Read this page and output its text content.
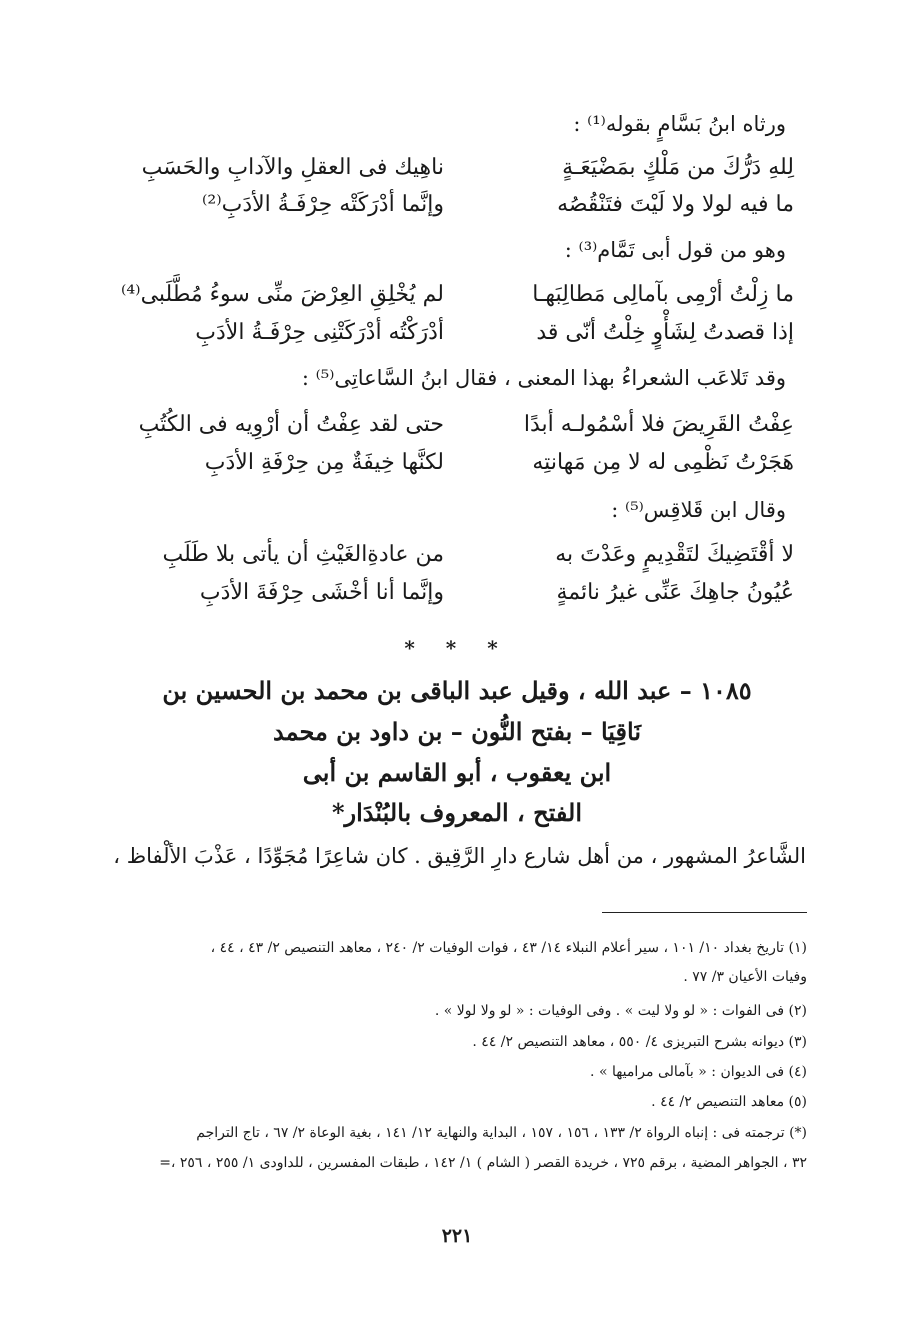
ورثاه ابنُ بَسَّامٍ بقوله⁽¹⁾ :
لِلهِ دَرُّكَ من مَلْكٍ بمَضْيَعَـةٍ
ناهِيك فى العقلِ والآدابِ والحَسَبِ
ما فيه لولا ولا لَيْتَ فتَنْقُصُه
وإنَّما أدْرَكَتْه حِرْفَـةُ الأدَبِ⁽²⁾
وهو من قول أبى تَمَّام⁽³⁾ :
ما زِلْتُ أرْمِى بآمالِى مَطالِبَهـا
لم يُخْلِقِ العِرْضَ منِّى سوءُ مُطَّلَبى⁽⁴⁾
إذا قصدتُ لِشَأْوٍ خِلْتُ أنّى قد
أدْرَكْتُه أدْرَكَتْنِى حِرْفَـةُ الأدَبِ
وقد تَلاعَب الشعراءُ بهذا المعنى ، فقال ابنُ السَّاعاتِى⁽⁵⁾ :
عِفْتُ القَرِيضَ فلا أسْمُولـه أبدًا
حتى لقد عِفْتُ أن أرْوِيه فى الكُتُبِ
هَجَرْتُ نَظْمِى له لا مِن مَهانتِه
لكنَّها خِيفَةٌ مِن حِرْفَةِ الأدَبِ
وقال ابن قَلاقِس⁽⁵⁾ :
لا أقْتَضِيكَ لتَقْدِيمٍ وعَدْتَ به
من عادةِالغَيْثِ أن يأتى بلا طَلَبِ
عُيُونُ جاهِكَ عَنِّى غيرُ نائمةٍ
وإنَّما أنا أخْشَى حِرْفَةَ الأدَبِ
* * *
١٠٨٥ – عبد الله ، وقيل عبد الباقى بن محمد بن الحسين بن
نَاقِيَا – بفتح النُّون – بن داود بن محمد
ابن يعقوب ، أبو القاسم بن أبى
الفتح ، المعروف بالبُنْدَار*
الشَّاعرُ المشهور ، من أهل شارع دارِ الرَّقِيق . كان شاعِرًا مُجَوِّدًا ، عَذْبَ الألْفاظ ،
(١) تاريخ بغداد ١٠/ ١٠١ ، سير أعلام النبلاء ١٤/ ٤٣ ، فوات الوفيات ٢/ ٢٤٠ ، معاهد التنصيص ٢/ ٤٣ ، ٤٤ ،
وفيات الأعيان ٣/ ٧٧ .
(٢) فى الفوات : « لو ولا ليت » . وفى الوفيات : « لو ولا لولا » .
(٣) ديوانه بشرح التبريزى ٤/ ٥٥٠ ، معاهد التنصيص ٢/ ٤٤ .
(٤) فى الديوان : « بآمالى مراميها » .
(٥) معاهد التنصيص ٢/ ٤٤ .
(*) ترجمته فى : إنباه الرواة ٢/ ١٣٣ ، ١٥٦ ، ١٥٧ ، البداية والنهاية ١٢/ ١٤١ ، بغية الوعاة ٢/ ٦٧ ، تاج التراجم
٣٢ ، الجواهر المضية ، برقم ٧٢٥ ، خريدة القصر ( الشام ) ١/ ١٤٢ ، طبقات المفسرين ، للداودى ١/ ٢٥٥ ، ٢٥٦ ،=
٢٢١
